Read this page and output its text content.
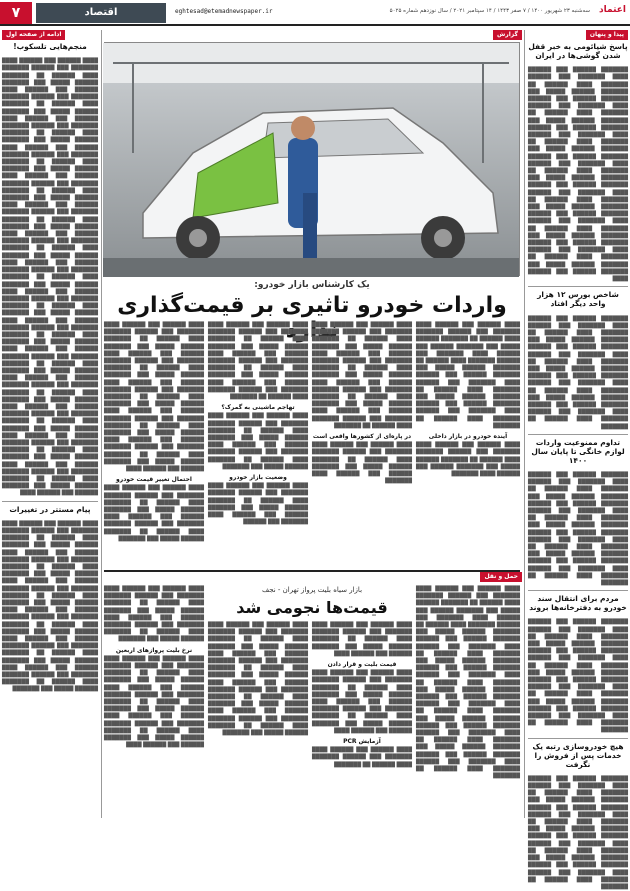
اعتماد
سه‌شنبه ۲۳ شهریور ۱۴۰۰ / ۷ صفر ۱۴۴۳ / ۱۴ سپتامبر ۲۰۲۱ / سال نوزدهم شماره ۵۰۲۵
eghtesad@etemadnewspaper.ir
اقتصاد
۷
پیدا و پنهان
پاسخ شیائومی به خبر قفل شدن گوشی‌ها در ایران

███████ ██████ ███ ██████ ████ ███████ ███ ██████ ███████ ████ ██████ ██ ███████ ██████ █████ ███ ███████ ██████ ███ ██████ ████ ███████ ███ ██████ ███████ ████ ██████ ██ ███████ ██████ █████ ███ ███████ ██████ ███ ██████ ████ ███████ ███ ██████ ███████ ████ ██████ ██ ███████ ██████ █████ ███ ███████ ██████ ███ ██████ ████ ███████ ███ ██████ ███████ ████ ██████ ██ ███████ ██████ █████ ███ ███████ ██████ ███ ██████ ████ ███████ ███ ██████ ███████ ████ ██████ ██ ███████ ██████ █████ ███ ███████ ██████ ███ ██████ ████ ███████ ███ ██████ ███████ ████ ██████ ██ ███████ ██████ █████ ███ ███████ ██████ ███ ██████ ████ ███████ ███ ██████ ███████ ████ ██████ ██ ███████ ██████ █████ ███ ███████ ██████ ███ ██████ ████
شاخص بورس ۱۲ هزار واحد دیگر افتاد

███████ ██████ ███ ██████ ████ ███████ ███ ██████ ███████ ████ ██████ ██ ███████ ██████ █████ ███ ███████ ██████ ███ ██████ ████ ███████ ███ ██████ ███████ ████ ██████ ██ ███████ ██████ █████ ███ ███████ ██████ ███ ██████ ████ ███████ ███ ██████ ███████ ████ ██████ ██ ███████ ██████ █████ ███ ███████ ██████ ███ ██████ ████ ███████ ███ ██████ ███████ ████ ██████ ██ ███████
تداوم ممنوعیت واردات لوازم خانگی تا پایان سال ۱۴۰۰

███████ ██████ ███ ██████ ████ ███████ ███ ██████ ███████ ████ ██████ ██ ███████ ██████ █████ ███ ███████ ██████ ███ ██████ ████ ███████ ███ ██████ ███████ ████ ██████ ██ ███████ ██████ █████ ███ ███████ ██████ ███ ██████ ████ ███████ ███ ██████ ███████ ████ ██████ ██ ███████ ██████ █████ ███ ███████ ██████ ███ ██████ ████ ███████ ███ ██████ ███████ ████ ██████ ██ ███████
مردم برای انتقال سند خودرو به دفترخانه‌ها بروند

███████ ██████ ███ ██████ ████ ███████ ███ ██████ ███████ ████ ██████ ██ ███████ ██████ █████ ███ ███████ ██████ ███ ██████ ████ ███████ ███ ██████ ███████ ████ ██████ ██ ███████ ██████ █████ ███ ███████ ██████ ███ ██████ ████ ███████ ███ ██████ ███████ ████ ██████ ██ ███████ ██████ █████ ███ ███████ ██████ ███ ██████ ████ ███████ ███ ██████ ███████ ████ ██████ ██ ███████
هیچ خودروسازی رتبه یک خدمات پس از فروش را نگرفت

███████ ██████ ███ ██████ ████ ███████ ███ ██████ ███████ ████ ██████ ██ ███████ ██████ █████ ███ ███████ ██████ ███ ██████ ████ ███████ ███ ██████ ███████ ████ ██████ ██ ███████ ██████ █████ ███ ███████ ██████ ███ ██████ ████ ███████ ███ ██████ ███████ ████ ██████ ██ ███████ ██████ █████ ███ ███████ ██████ ███ ██████ ████ ███████ ███ ██████ ███████ ████ ██████ ██ ███████
گزارش
یک کارشناس بازار خودرو:
واردات خودرو تاثیری بر قیمت‌گذاری ندارد
████ ██████ ███ ██████ ████ ███████ ███ ██████ ███████ ████ ██████ ██ ███████ ██████ █████ ███ ███████ ██████ ███ ██████ ████ ███████ ███ ██████ ███████ ████ ██████ ██ ███████ ██████ █████ ███ ███████ ██████ ███ ██████ ████ ███████ ███ ██████ ███████ ████ ██████ ██ ███████ ██████ █████ ███ ███████ ██████ ███ ██████ ████ ███████ ███ ██████ ███████ ████ ██████ ██ ███████ ██████ █████ ███ ███████ ██████ ███ ██████ ████ ███████ ███ ██████ ███████ ████ ██████ ██ ███████ ██████ █████ ███ ███████ ██████ ███ ██████ ████
احتمال تغییر قیمت خودرو
████ ██████ ███ ██████ ████ ███████ ███ ██████ ███████ ████ ██████ ██ ███████ ██████ █████ ███ ███████ ██████ ███ ██████ ████ ███████ ███ ██████ ███████ ████ ██████ ██ ███████ ██████ █████ ███ ███████
████ ██████ ███ ██████ ████ ███████ ███ ██████ ███████ ████ ██████ ██ ███████ ██████ █████ ███ ███████ ██████ ███ ██████ ████ ███████ ███ ██████ ███████ ████ ██████ ██ ███████ ██████ █████ ███ ███████ ██████ ███ ██████ ████ ███████ ███ ██████ ███████ ████ ██████ ██ ███████
تهاجم ماشینی به گمرک؟
████ ██████ ███ ██████ ████ ███████ ███ ██████ ███████ ████ ██████ ██ ███████ ██████ █████ ███ ███████ ██████ ███ ██████ ████ ███████ ███ ██████ ███████ ████ ██████ ██ ███████ ██████ █████ ███ ███████
وضعیت بازار خودرو
████ ██████ ███ ██████ ████ ███████ ███ ██████ ███████ ████ ██████ ██ ███████ ██████ █████ ███ ███████ ██████ ███ ██████ ████ ███████ ███ ██████
████ ██████ ███ ██████ ████ ███████ ███ ██████ ███████ ████ ██████ ██ ███████ ██████ █████ ███ ███████ ██████ ███ ██████ ████ ███████ ███ ██████ ███████ ████ ██████ ██ ███████ ██████ █████ ███ ███████ ██████ ███ ██████ ████ ███████ ███ ██████ ███████ ████ ██████ ██ ███████ ██████ █████ ███ ███████ ██████ ███ ██████ ████ ███████ ███ ██████ ███████ ████ ██████ ██ ███████
در پاره‌ای از کشورها واقعی است
████ ██████ ███ ██████ ████ ███████ ███ ██████ ███████ ████ ██████ ██ ███████ ██████ █████ ███ ███████ ██████ ███ ██████ ████ ███████
████ ██████ ███ ██████ ████ ███████ ███ ██████ ███████ ████ ██████ ██ ███████ ██████ █████ ███ ███████ ██████ ███ ██████ ████ ███████ ███ ██████ ███████ ████ ██████ ██ ███████ ██████ █████ ███ ███████ ██████ ███ ██████ ████ ███████ ███ ██████ ███████ ████ ██████ ██ ███████ ██████ █████ ███ ███████ ██████ ███ ██████ ████ ███████ ███ ██████ ███████ ████ ██████ ██ ███████
آینده خودرو در بازار داخلی
████ ██████ ███ ██████ ████ ███████ ███ ██████ ███████ ████ ██████ ██ ███████ ██████ █████ ███ ███████ ██████ ███ ██████ ████ ███████
حمل و نقل
بازار سیاه بلیت پرواز تهران - نجف
قیمت‌ها نجومی شد
████ ██████ ███ ██████ ████ ███████ ███ ██████ ███████ ████ ██████ ██ ███████ ██████ █████ ███ ███████ ██████ ███ ██████ ████ ███████ ███ ██████ ███████ ████ ██████ ██ ███████ ██████ █████ ███ ███████ ██████ ███ ██████ ████ ███████ ███ ██████ ███████ ████ ██████ ██ ███████ ██████ █████ ███ ███████ ██████ ███ ██████ ████ ███████ ███ ██████ ███████ ████ ██████ ██ ███████ ██████ █████ ███ ███████ ██████ ███ ██████ ████ ███████ ███ ██████ ███████ ████ ██████ ██ ███████ ██████ █████ ███ ███████ ██████ ███ ██████ ████ ███████ ███ ██████ ███████ ████ ██████ ██ ███████ ██████ █████ ███ ███████ ██████ ███ ██████ ████ ███████ ███ ██████ ███████ ████ ██████ ██ ███████
████ ██████ ███ ██████ ████ ███████ ███ ██████ ███████ ████ ██████ ██ ███████ ██████ █████ ███ ███████ ██████ ███ ██████ ████
قیمت بلیت و قرار دادن
████ ██████ ███ ██████ ████ ███████ ███ ██████ ███████ ████ ██████ ██ ███████ ██████ █████ ███ ███████ ██████ ███ ██████ ████ ███████ ███ ██████ ███████ ████ ██████ ██ ███████ ██████ █████ ███ ███████ ██████ ███ ██████ ████
آزمایش PCR
████ ██████ ███ ██████ ████ ███████ ███ ██████ ███████ ████ ██████ ██ ███████
████ ██████ ███ ██████ ████ ███████ ███ ██████ ███████ ████ ██████ ██ ███████ ██████ █████ ███ ███████ ██████ ███ ██████ ████ ███████ ███ ██████ ███████ ████ ██████ ██ ███████ ██████ █████ ███ ███████ ██████ ███ ██████ ████ ███████ ███ ██████ ███████ ████ ██████ ██ ███████ ██████ █████ ███ ███████ ██████ ███ ██████ ████ ███████ ███ ██████ ███████ ████ ██████ ██ ███████ ██████ █████ ███ ███████
████ ██████ ███ ██████ ████ ███████ ███ ██████ ███████ ████ ██████ ██ ███████ ██████ █████ ███ ███████ ██████ ███ ██████ ████ ███████ ███ ██████ ███████ ████ ██████ ██ ███████ ██████ █████ ███ ███████
نرخ بلیت پروازهای اربعین
████ ██████ ███ ██████ ████ ███████ ███ ██████ ███████ ████ ██████ ██ ███████ ██████ █████ ███ ███████ ██████ ███ ██████ ████ ███████ ███ ██████ ███████ ████ ██████ ██ ███████ ██████ █████ ███ ███████ ██████ ███ ██████ ████ ███████ ███ ██████ ███████ ████ ██████ ██ ███████ ██████ █████ ███ ███████ ██████ ███ ██████ ████
ادامه از صفحه اول
منجم‌هایی تلسکوب!

████ ██████ ███ ██████ ████ ███████ ███ ██████ ███████ ████ ██████ ██ ███████ ██████ █████ ███ ███████ ██████ ███ ██████ ████ ███████ ███ ██████ ███████ ████ ██████ ██ ███████ ██████ █████ ███ ███████ ██████ ███ ██████ ████ ███████ ███ ██████ ███████ ████ ██████ ██ ███████ ██████ █████ ███ ███████ ██████ ███ ██████ ████ ███████ ███ ██████ ███████ ████ ██████ ██ ███████ ██████ █████ ███ ███████ ██████ ███ ██████ ████ ███████ ███ ██████ ███████ ████ ██████ ██ ███████ ██████ █████ ███ ███████ ██████ ███ ██████ ████ ███████ ███ ██████ ███████ ████ ██████ ██ ███████ ██████ █████ ███ ███████ ██████ ███ ██████ ████ ███████ ███ ██████ ███████ ████ ██████ ██ ███████ ██████ █████ ███ ███████ ██████ ███ ██████ ████ ███████ ███ ██████ ███████ ████ ██████ ██ ███████ ██████ █████ ███ ███████ ██████ ███ ██████ ████ ███████ ███ ██████ ███████ ████ ██████ ██ ███████ ██████ █████ ███ ███████ ██████ ███ ██████ ████ ███████ ███ ██████ ███████ ████ ██████ ██ ███████ ██████ █████ ███ ███████ ██████ ███ ██████ ████ ███████ ███ ██████ ███████ ████ ██████ ██ ███████ ██████ █████ ███ ███████ ██████ ███ ██████ ████ ███████ ███ ██████ ███████ ████ ██████ ██ ███████ ██████ █████ ███ ███████ ██████ ███ ██████ ████ ███████ ███ ██████ ███████ ████ ██████ ██ ███████ ██████ █████ ███ ███████ ██████ ███ ██████ ████ ███████ ███ ██████ ███████ ████ ██████ ██ ███████ ██████ █████ ███ ███████ ██████ ███ ██████ ████ ███████ ███ ██████ ███████ ████ ██████ ██ ███████ ██████ █████ ███ ███████ ██████ ███ ██████ ████
پیام مستتر در تغییرات

████ ██████ ███ ██████ ████ ███████ ███ ██████ ███████ ████ ██████ ██ ███████ ██████ █████ ███ ███████ ██████ ███ ██████ ████ ███████ ███ ██████ ███████ ████ ██████ ██ ███████ ██████ █████ ███ ███████ ██████ ███ ██████ ████ ███████ ███ ██████ ███████ ████ ██████ ██ ███████ ██████ █████ ███ ███████ ██████ ███ ██████ ████ ███████ ███ ██████ ███████ ████ ██████ ██ ███████ ██████ █████ ███ ███████ ██████ ███ ██████ ████ ███████ ███ ██████ ███████ ████ ██████ ██ ███████ ██████ █████ ███ ███████ ██████ ███ ██████ ████ ███████ ███ ██████ ███████ ████ ██████ ██ ███████ ██████ █████ ███ ███████
